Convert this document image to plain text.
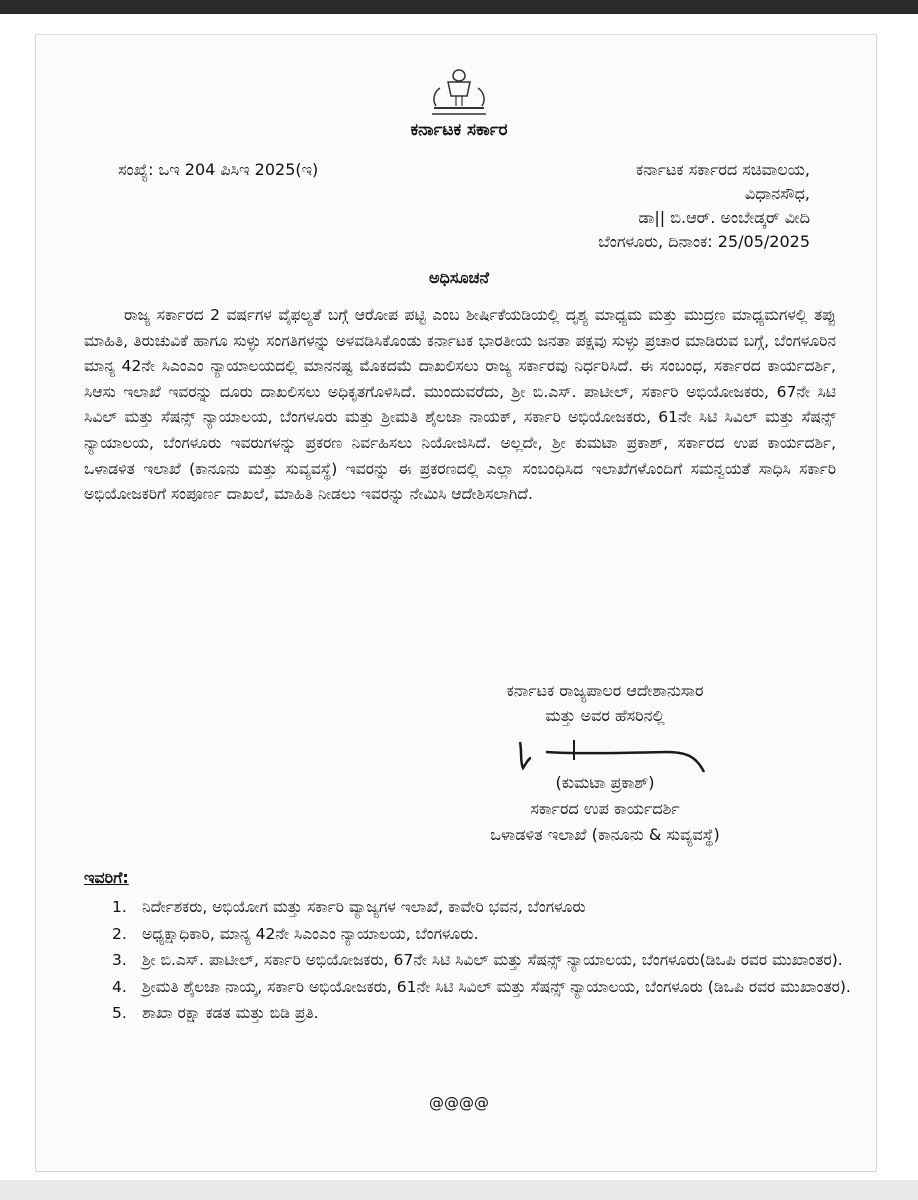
ಕರ್ನಾಟಕ ಸರ್ಕಾರ
ಸಂಖ್ಯೆ: ಒಇ 204 ಪಿಸಿಇ 2025(ಇ)	ಕರ್ನಾಟಕ ಸರ್ಕಾರದ ಸಚಿವಾಲಯ,
ವಿಧಾನಸೌಧ,
ಡಾ|| ಬಿ.ಆರ್. ಅಂಬೇಡ್ಕರ್ ವೀದಿ
ಬೆಂಗಳೂರು, ದಿನಾಂಕ: 25/05/2025
ಅಧಿಸೂಚನೆ
ರಾಜ್ಯ ಸರ್ಕಾರದ 2 ವರ್ಷಗಳ ವೈಫಲ್ಯತೆ ಬಗ್ಗೆ ಆರೋಪ ಪಟ್ಟಿ ಎಂಬ ಶೀರ್ಷಿಕೆಯಡಿಯಲ್ಲಿ ದೃಶ್ಯ ಮಾಧ್ಯಮ ಮತ್ತು ಮುದ್ರಣ ಮಾಧ್ಯಮಗಳಲ್ಲಿ ತಪ್ಪು ಮಾಹಿತಿ, ತಿರುಚುವಿಕೆ ಹಾಗೂ ಸುಳ್ಳು ಸಂಗತಿಗಳನ್ನು ಅಳವಡಿಸಿಕೊಂಡು ಕರ್ನಾಟಕ ಭಾರತೀಯ ಜನತಾ ಪಕ್ಷವು ಸುಳ್ಳು ಪ್ರಚಾರ ಮಾಡಿರುವ ಬಗ್ಗೆ, ಬೆಂಗಳೂರಿನ ಮಾನ್ಯ 42ನೇ ಸಿಎಂಎಂ ನ್ಯಾಯಾಲಯದಲ್ಲಿ ಮಾನನಷ್ಟ ಮೊಕದಮೆ ದಾಖಲಿಸಲು ರಾಜ್ಯ ಸರ್ಕಾರವು ನಿರ್ಧರಿಸಿದೆ. ಈ ಸಂಬಂಧ, ಸರ್ಕಾರದ ಕಾರ್ಯದರ್ಶಿ, ಸಿಆಸು ಇಲಾಖೆ ಇವರನ್ನು ದೂರು ದಾಖಲಿಸಲು ಅಧಿಕೃತಗೊಳಿಸಿದೆ. ಮುಂದುವರೆದು, ಶ್ರೀ ಬಿ.ಎಸ್. ಪಾಟೀಲ್, ಸರ್ಕಾರಿ ಅಭಿಯೋಜಕರು, 67ನೇ ಸಿಟಿ ಸಿವಿಲ್ ಮತ್ತು ಸೆಷನ್ಸ್ ನ್ಯಾಯಾಲಯ, ಬೆಂಗಳೂರು ಮತ್ತು ಶ್ರೀಮತಿ ಶೈಲಜಾ ನಾಯಕ್, ಸರ್ಕಾರಿ ಅಭಿಯೋಜಕರು, 61ನೇ ಸಿಟಿ ಸಿವಿಲ್ ಮತ್ತು ಸೆಷನ್ಸ್ ನ್ಯಾಯಾಲಯ, ಬೆಂಗಳೂರು ಇವರುಗಳನ್ನು ಪ್ರಕರಣ ನಿರ್ವಹಿಸಲು ನಿಯೋಜಿಸಿದೆ. ಅಲ್ಲದೇ, ಶ್ರೀ ಕುಮಟಾ ಪ್ರಕಾಶ್, ಸರ್ಕಾರದ ಉಪ ಕಾರ್ಯದರ್ಶಿ, ಒಳಾಡಳಿತ ಇಲಾಖೆ (ಕಾನೂನು ಮತ್ತು ಸುವ್ಯವಸ್ಥೆ) ಇವರನ್ನು ಈ ಪ್ರಕರಣದಲ್ಲಿ ಎಲ್ಲಾ ಸಂಬಂಧಿಸಿದ ಇಲಾಖೆಗಳೊಂದಿಗೆ ಸಮನ್ವಯತೆ ಸಾಧಿಸಿ ಸರ್ಕಾರಿ ಅಭಿಯೋಜಕರಿಗೆ ಸಂಪೂರ್ಣ ದಾಖಲೆ, ಮಾಹಿತಿ ನೀಡಲು ಇವರನ್ನು ನೇಮಿಸಿ ಆದೇಶಿಸಲಾಗಿದೆ.
ಕರ್ನಾಟಕ ರಾಜ್ಯಪಾಲರ ಆದೇಶಾನುಸಾರ
ಮತ್ತು ಅವರ ಹೆಸರಿನಲ್ಲಿ
(ಕುಮಟಾ ಪ್ರಕಾಶ್)
ಸರ್ಕಾರದ ಉಪ ಕಾರ್ಯದರ್ಶಿ
ಒಳಾಡಳಿತ ಇಲಾಖೆ (ಕಾನೂನು & ಸುವ್ಯವಸ್ಥೆ)
ಇವರಿಗೆ:
1. ನಿರ್ದೇಶಕರು, ಅಭಿಯೋಗ ಮತ್ತು ಸರ್ಕಾರಿ ವ್ಯಾಜ್ಯಗಳ ಇಲಾಖೆ, ಕಾವೇರಿ ಭವನ, ಬೆಂಗಳೂರು
2. ಅಧ್ಯಕ್ಷಾಧಿಕಾರಿ, ಮಾನ್ಯ 42ನೇ ಸಿಎಂಎಂ ನ್ಯಾಯಾಲಯ, ಬೆಂಗಳೂರು.
3. ಶ್ರೀ ಬಿ.ಎಸ್. ಪಾಟೀಲ್, ಸರ್ಕಾರಿ ಅಭಿಯೋಜಕರು, 67ನೇ ಸಿಟಿ ಸಿವಿಲ್ ಮತ್ತು ಸೆಷನ್ಸ್ ನ್ಯಾಯಾಲಯ, ಬೆಂಗಳೂರು(ಡಿಒಪಿ ರವರ ಮುಖಾಂತರ).
4. ಶ್ರೀಮತಿ ಶೈಲಜಾ ನಾಯ್ಕ, ಸರ್ಕಾರಿ ಅಭಿಯೋಜಕರು, 61ನೇ ಸಿಟಿ ಸಿವಿಲ್ ಮತ್ತು ಸೆಷನ್ಸ್ ನ್ಯಾಯಾಲಯ, ಬೆಂಗಳೂರು (ಡಿಒಪಿ ರವರ ಮುಖಾಂತರ).
5. ಶಾಖಾ ರಕ್ಷಾ ಕಡತ ಮತ್ತು ಬಿಡಿ ಪ್ರತಿ.
@@@@
